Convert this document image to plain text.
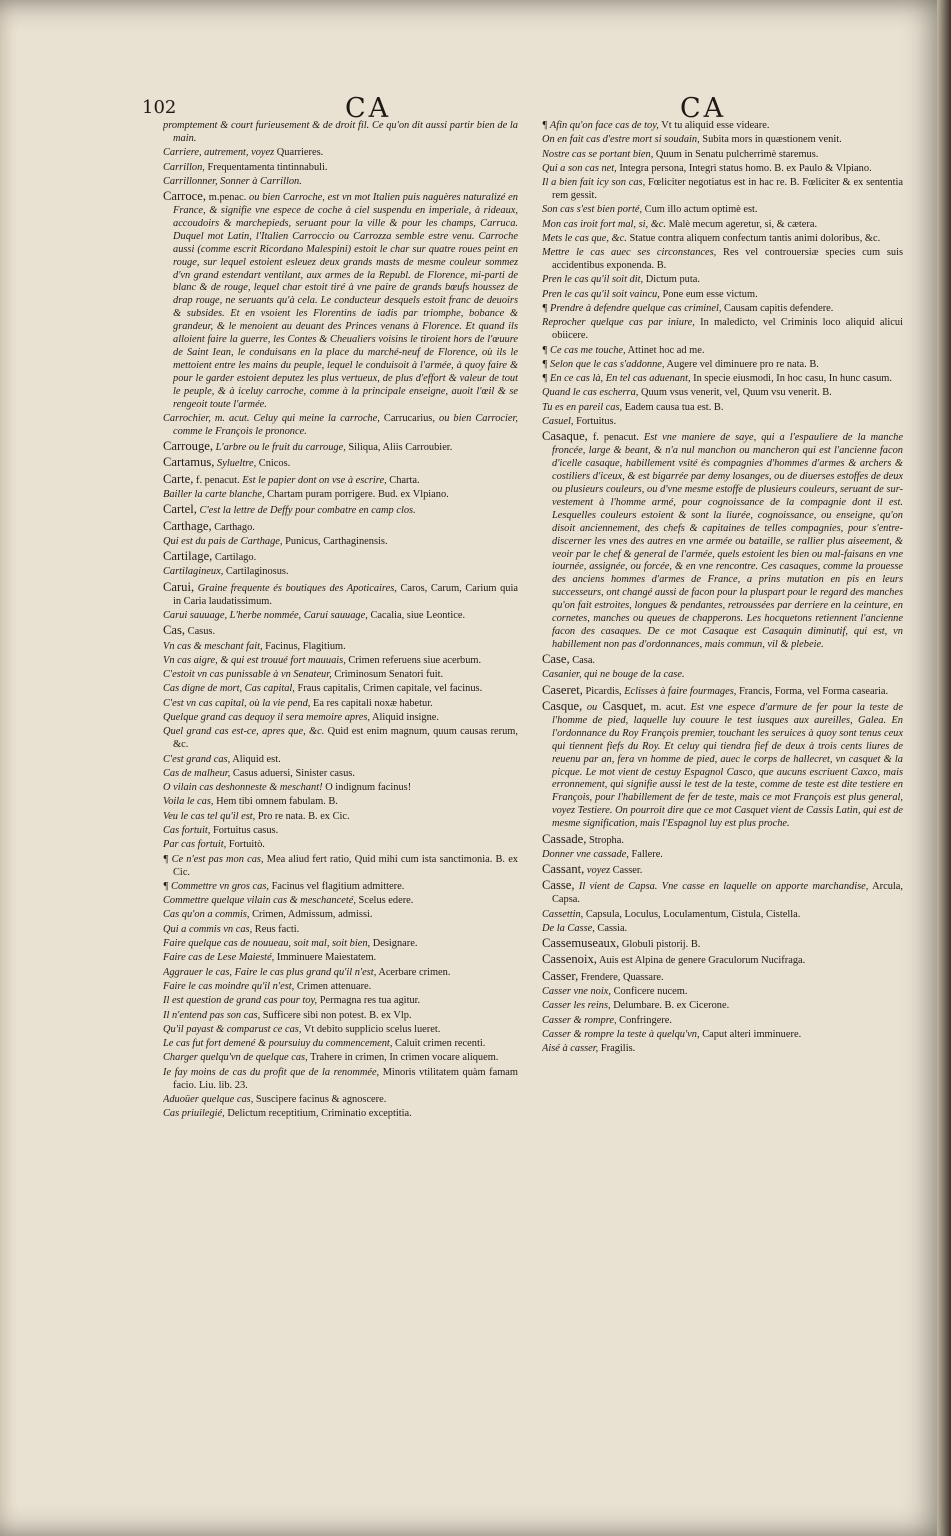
102	CA	CA

promptement & court furieusement & de droit fil. Ce qu'on dit aussi partir bien de la main.

Carriere, autrement, voyez Quarrieres.

Carrillon, Frequentamenta tintinnabuli.

Carrillonner, Sonner à Carrillon.

Carroce, m.penac. ou bien Carroche, est vn mot Italien puis naguères naturalizé en France, & signifie vne espece de coche à ciel suspendu en imperiale, à rideaux, accoudoirs & marchepieds, seruant pour la ville & pour les champs, Carruca. Duquel mot Latin, l'Italien Carroccio ou Carrozza semble estre venu. Carroche aussi (comme escrit Ricordano Malespini) estoit le char sur quatre roues peint en rouge, sur lequel estoient esleuez deux grands masts de mesme couleur sommez d'vn grand estendart ventilant, aux armes de la Republ. de Florence, mi-parti de blanc & de rouge, lequel char estoit tiré à vne paire de grands bœufs houssez de drap rouge, ne seruants qu'à cela. Le conducteur desquels estoit franc de deuoirs & subsides. Et en vsoient les Florentins de iadis par triomphe, bobance & grandeur, & le menoient au deuant des Princes venans à Florence. Et quand ils alloient faire la guerre, les Contes & Cheualiers voisins le tiroient hors de l'œuure de Saint Iean, le conduisans en la place du marché-neuf de Florence, où ils le mettoient entre les mains du peuple, lequel le conduisoit à l'armée, à quoy faire & pour le garder estoient deputez les plus vertueux, de plus d'effort & valeur de tout le peuple, & à iceluy carroche, comme à la principale enseigne, auoit l'œil & se rengeoit toute l'armée.

Carrochier, m. acut. Celuy qui meine la carroche, Carrucarius, ou bien Carrocier, comme le François le prononce.

Carrouge, L'arbre ou le fruit du carrouge, Siliqua, Aliis Carroubier.

Cartamus, Sylueltre, Cnicos.

Carte, f. penacut. Est le papier dont on vse à escrire, Charta.

Bailler la carte blanche, Chartam puram porrigere. Bud. ex Vlpiano.

Cartel, C'est la lettre de Deffy pour combatre en camp clos.

Carthage, Carthago.

Qui est du pais de Carthage, Punicus, Carthaginensis.

Cartilage, Cartilago.

Cartilagineux, Cartilaginosus.

Carui, Graine frequente és boutiques des Apoticaires, Caros, Carum, Carium quia in Caria laudatissimum.

Carui sauuage, L'herbe nommée, Carui sauuage, Cacalia, siue Leontice.

Cas, Casus.

Vn cas & meschant fait, Facinus, Flagitium.

Vn cas aigre, & qui est trouué fort mauuais, Crimen referuens siue acerbum.

C'estoit vn cas punissable à vn Senateur, Criminosum Senatori fuit.

Cas digne de mort, Cas capital, Fraus capitalis, Crimen capitale, vel facinus.

C'est vn cas capital, où la vie pend, Ea res capitali noxæ habetur.

Quelque grand cas dequoy il sera memoire apres, Aliquid insigne.

Quel grand cas est-ce, apres que, &c. Quid est enim magnum, quum causas rerum, &c.

C'est grand cas, Aliquid est.

Cas de malheur, Casus aduersi, Sinister casus.

O vilain cas deshonneste & meschant! O indignum facinus!

Voila le cas, Hem tibi omnem fabulam. B.

Veu le cas tel qu'il est, Pro re nata. B. ex Cic.

Cas fortuit, Fortuitus casus.

Par cas fortuit, Fortuitò.

¶ Ce n'est pas mon cas, Mea aliud fert ratio, Quid mihi cum ista sanctimonia. B. ex Cic.

¶ Commettre vn gros cas, Facinus vel flagitium admittere.

Commettre quelque vilain cas & meschanceté, Scelus edere.

Cas qu'on a commis, Crimen, Admissum, admissi.

Qui a commis vn cas, Reus facti.

Faire quelque cas de nouueau, soit mal, soit bien, Designare.

Faire cas de Lese Maiesté, Imminuere Maiestatem.

Aggrauer le cas, Faire le cas plus grand qu'il n'est, Acerbare crimen.

Faire le cas moindre qu'il n'est, Crimen attenuare.

Il est question de grand cas pour toy, Permagna res tua agitur.

Il n'entend pas son cas, Sufficere sibi non potest. B. ex Vlp.

Qu'il payast & comparust ce cas, Vt debito supplicio scelus lueret.

Le cas fut fort demené & poursuiuy du commencement, Caluit crimen recenti.

Charger quelqu'vn de quelque cas, Trahere in crimen, In crimen vocare aliquem.

Ie fay moins de cas du profit que de la renommée, Minoris vtilitatem quàm famam facio. Liu. lib. 23.

Aduoüer quelque cas, Suscipere facinus & agnoscere.

Cas priuilegié, Delictum receptitium, Criminatio exceptitia.

¶ Afin qu'on face cas de toy, Vt tu aliquid esse videare.

On en fait cas d'estre mort si soudain, Subita mors in quæstionem venit.

Nostre cas se portant bien, Quum in Senatu pulcherrimè staremus.

Qui a son cas net, Integra persona, Integri status homo. B. ex Paulo & Vlpiano.

Il a bien fait icy son cas, Fœliciter negotiatus est in hac re. B. Fœliciter & ex sententia rem gessit.

Son cas s'est bien porté, Cum illo actum optimè est.

Mon cas iroit fort mal, si, &c. Malè mecum ageretur, si, & cætera.

Mets le cas que, &c. Statue contra aliquem confectum tantis animi doloribus, &c.

Mettre le cas auec ses circonstances, Res vel controuersiæ species cum suis accidentibus exponenda. B.

Pren le cas qu'il soit dit, Dictum puta.

Pren le cas qu'il soit vaincu, Pone eum esse victum.

¶ Prendre à defendre quelque cas criminel, Causam capitis defendere.

Reprocher quelque cas par iniure, In maledicto, vel Criminis loco aliquid alicui obiicere.

¶ Ce cas me touche, Attinet hoc ad me.

¶ Selon que le cas s'addonne, Augere vel diminuere pro re nata. B.

¶ En ce cas là, En tel cas aduenant, In specie eiusmodi, In hoc casu, In hunc casum.

Quand le cas escherra, Quum vsus venerit, vel, Quum vsu venerit. B.

Tu es en pareil cas, Eadem causa tua est. B.

Casuel, Fortuitus.

Casaque, f. penacut. Est vne maniere de saye, qui a l'espauliere de la manche froncée, large & beant, & n'a nul manchon ou mancheron qui est l'ancienne facon d'icelle casaque, habillement vsité és compagnies d'hommes d'armes & archers & costiliers d'iceux, & est bigarrée par demy losanges, ou de diuerses estoffes de deux ou plusieurs couleurs, ou d'vne mesme estoffe de plusieurs couleurs, seruant de sur-vestement à l'homme armé, pour cognoissance de la compagnie dont il est. Lesquelles couleurs estoient & sont la liurée, cognoissance, ou enseigne, qu'on disoit anciennement, des chefs & capitaines de telles compagnies, pour s'entre-discerner les vnes des autres en vne armée ou bataille, se rallier plus aiseement, & veoir par le chef & general de l'armée, quels estoient les bien ou mal-faisans en vne iournée, assignée, ou forcée, & en vne rencontre. Ces casaques, comme la prouesse des anciens hommes d'armes de France, a prins mutation en pis en leurs successeurs, ont changé aussi de facon pour la pluspart pour le regard des manches qu'on fait estroites, longues & pendantes, retroussées par derriere en la ceinture, en cornetes, manches ou queues de chapperons. Les hocquetons retiennent l'ancienne facon des casaques. De ce mot Casaque est Casaquin diminutif, qui est, vn habillement non pas d'ordonnances, mais commun, vil & plebeie.

Case, Casa.

Casanier, qui ne bouge de la case.

Caseret, Picardis, Eclisses à faire fourmages, Francis, Forma, vel Forma casearia.

Casque, ou Casquet, m. acut. Est vne espece d'armure de fer pour la teste de l'homme de pied, laquelle luy couure le test iusques aux aureilles, Galea. En l'ordonnance du Roy François premier, touchant les seruices à quoy sont tenus ceux qui tiennent fiefs du Roy. Et celuy qui tiendra fief de deux à trois cents liures de reuenu par an, fera vn homme de pied, auec le corps de hallecret, vn casquet & la picque. Le mot vient de cestuy Espagnol Casco, que aucuns escriuent Caxco, mais erronnement, qui signifie aussi le test de la teste, comme de teste est dite testiere en François, pour l'habillement de fer de teste, mais ce mot François est plus general, voyez Testiere. On pourroit dire que ce mot Casquet vient de Cassis Latin, qui est de mesme signification, mais l'Espagnol luy est plus proche.

Cassade, Stropha.

Donner vne cassade, Fallere.

Cassant, voyez Casser.

Casse, Il vient de Capsa. Vne casse en laquelle on apporte marchandise, Arcula, Capsa.

Cassettin, Capsula, Loculus, Loculamentum, Cistula, Cistella.

De la Casse, Cassia.

Cassemuseaux, Globuli pistorij. B.

Cassenoix, Auis est Alpina de genere Graculorum Nucifraga.

Casser, Frendere, Quassare.

Casser vne noix, Conficere nucem.

Casser les reins, Delumbare. B. ex Cicerone.

Casser & rompre, Confringere.

Casser & rompre la teste à quelqu'vn, Caput alteri imminuere.

Aisé à casser, Fragilis.
